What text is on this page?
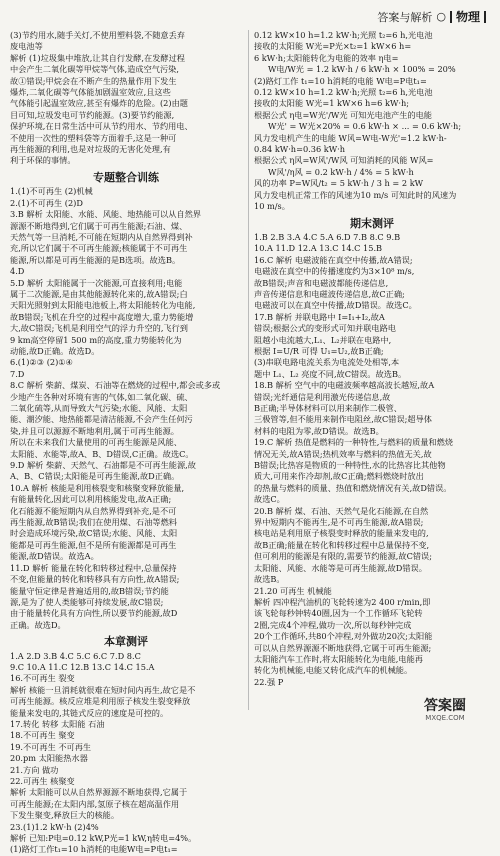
答案与解析 ○ 物理

(3)节约用水,随手关灯,不使用塑料袋,不随意丢弃

废电池等

解析 (1)垃圾集中堆放,让其自行发酵,在发酵过程

中会产生二氧化碳等甲烷等气体,造成空气污染,

故①错误;甲烷会在不断产生的热量作用下发生

爆炸,二氧化碳等气体能加剧温室效应,且这些

气体能引起温室效应,甚至有爆炸的危险。(2)由题

目可知,垃圾发电可节约能源。(3)要节约能源,

保护环境,在日常生活中可从节约用水、节约用电、

不使用一次性的塑料袋等方面着手,这是一种可

再生能源的利用,也是对垃圾的无害化处理,有

利于环保的事情。

专题整合训练

1.(1)不可再生 (2)机械

2.(1)不可再生 (2)D

3.B 解析 太阳能、水能、风能、地热能可以从自然界

源源不断地得到,它们属于可再生能源;石油、煤、

天然气等一旦消耗,不可能在短期内从自然界得到补

充,所以它们属于不可再生能源;核能属于不可再生

能源,所以都是可再生能源的是B选项。故选B。

4.D

5.D 解析 太阳能属于一次能源,可直接利用;电能

属于二次能源,是由其他能源转化来的,故A错误;白

天阳光照射到太阳能电池板上,将太阳能转化为电能,

故B错误;飞机在升空的过程中高度增大,重力势能增

大,故C错误;飞机是利用空气的浮力升空的,飞行到

9 km高空停留1 500 m的高度,重力势能转化为

动能,故D正确。故选D。

6.(1)②③ (2)①④

7.D

8.C 解析 柴薪、煤炭、石油等在燃烧的过程中,都会或多或

少地产生各种对环境有害的气体,如二氧化碳、硫、

二氧化硫等,从而导致大气污染;水能、风能、太阳

能、潮汐能、地热能都是清洁能源,不会产生任何污

染,并且可以源源不断地利用,属于可再生能源。

所以在未来我们大量使用的可再生能源是风能、

太阳能、水能等,故A、B、D错误,C正确。故选C。

9.D 解析 柴薪、天然气、石油都是不可再生能源,故

A、B、C错误;太阳能是可再生能源,故D正确。

10.A 解析 核能是利用核裂变和核聚变释放能量,

有能量转化,因此可以利用核能发电,故A正确;

化石能源不能短期内从自然界得到补充,是不可

再生能源,故B错误;我们在使用煤、石油等燃料

时会造成环境污染,故C错误;水能、风能、太阳

能都是可再生能源,但不是所有能源都是可再生

能源,故D错误。故选A。

11.D 解析 能量在转化和转移过程中,总量保持

不变,但能量的转化和转移具有方向性,故A错误;

能量守恒定律是普遍适用的,故B错误;节约能

源,是为了使人类能够可持续发展,故C错误;

由于能量转化具有方向性,所以要节约能源,故D

正确。故选D。

本章测评

1.A 2.D 3.B 4.C 5.C 6.C 7.D 8.C

9.C 10.A 11.C 12.B 13.C 14.C 15.A

16.不可再生 裂变

解析 核能一旦消耗就很难在短时间内再生,故它是不

可再生能源。核反应堆是利用原子核发生裂变释放

能量来发电的,其链式反应的速度是可控的。

17.转化 转移 太阳能 石油

18.不可再生 聚变

19.不可再生 不可再生

20.pm 太阳能热水器

21.方向 做功

22.可再生 核聚变

解析 太阳能可以从自然界源源不断地获得,它属于

可再生能源;在太阳内部,氢原子核在超高温作用

下发生聚变,释放巨大的核能。

23.(1)1.2 kW·h (2)4%

解析 已知:P电=0.12 kW,P光=1 kW,η转电=4%。

(1)路灯工作t₁=10 h消耗的电能W电=P电t₁=

0.12 kW×10 h=1.2 kW·h;光照 t₂=6 h,光电池

接收的太阳能 W光=P光×t₂=1 kW×6 h=

6 kW·h;太阳能转化为电能的效率 η电=

W电/W光 = 1.2 kW·h / 6 kW·h × 100% = 20%

(2)路灯工作 t₁=10 h消耗的电能 W电=P电t₁=

0.12 kW×10 h=1.2 kW·h;光照 t₂=6 h,光电池

接收的太阳能 W光=1 kW×6 h=6 kW·h;

根据公式 η电=W光'/W光 可知光电池产生的电能

W光' = W光×20% = 0.6 kW·h × ... = 0.6 kW·h;

风力发电机产生的电能 W风=W电-W光'=1.2 kW·h-

0.84 kW·h=0.36 kW·h

根据公式 η风=W风'/W风 可知消耗的风能 W风=

W风'/η风 = 0.2 kW·h / 4% = 5 kW·h

风的功率 P=W风/t₂ = 5 kW·h / 3 h = 2 kW

风力发电机正常工作的风速为10 m/s 可知此时的风速为

10 m/s。

期末测评

1.B 2.B 3.A 4.C 5.A 6.D 7.B 8.C 9.B

10.A 11.D 12.A 13.C 14.C 15.B

16.C 解析 电磁波能在真空中传播,故A错误;

电磁波在真空中的传播速度约为3×10⁸ m/s,

故B错误;声音和电磁波都能传递信息,

声音传递信息和电磁波传递信息,故C正确;

电磁波可以在真空中传播,故D错误。故选C。

17.B 解析 并联电路中 I=I₁+I₂,故A

错误;根据公式的变形式可知并联电路电

阻越小电流越大,L₁、L₂并联在电路中,

根据 I=U/R 可得 U₁=U₂,故B正确;

(3)串联电路电流关系为电流处处相等,本

题中 L₁、L₂ 亮度不同,故C错误。故选B。

18.B 解析 空气中的电磁波频率越高波长越短,故A

错误;光纤通信是利用激光传递信息,故

B正确;半导体材料可以用来制作二极管、

三极管等,但不能用来制作电阻丝,故C错误;超导体

材料的电阻为零,故D错误。故选B。

19.C 解析 热值是燃料的一种特性,与燃料的质量和燃烧

情况无关,故A错误;热机效率与燃料的热值无关,故

B错误;比热容是物质的一种特性,水的比热容比其他物

质大,可用来作冷却剂,故C正确;燃料燃烧时放出

的热量与燃料的质量、热值和燃烧情况有关,故D错误。

故选C。

20.B 解析 煤、石油、天然气是化石能源,在自然

界中短期内不能再生,是不可再生能源,故A错误;

核电站是利用原子核裂变时释放的能量来发电的,

故B正确;能量在转化和转移过程中总量保持不变,

但可利用的能源是有限的,需要节约能源,故C错误;

太阳能、风能、水能等是可再生能源,故D错误。

故选B。

21.20 可再生 机械能

解析 四冲程汽油机的飞轮转速为2 400 r/min,即

该飞轮每秒钟转40圈,因为一个工作循环飞轮转

2圈,完成4个冲程,做功一次,所以每秒钟完成

20个工作循环,共80个冲程,对外做功20次;太阳能

可以从自然界源源不断地获得,它属于可再生能源;

太阳能汽车工作时,将太阳能转化为电能,电能再

转化为机械能,电能又转化成汽车的机械能。

22.强 P

答案圈
MXQE.COM
